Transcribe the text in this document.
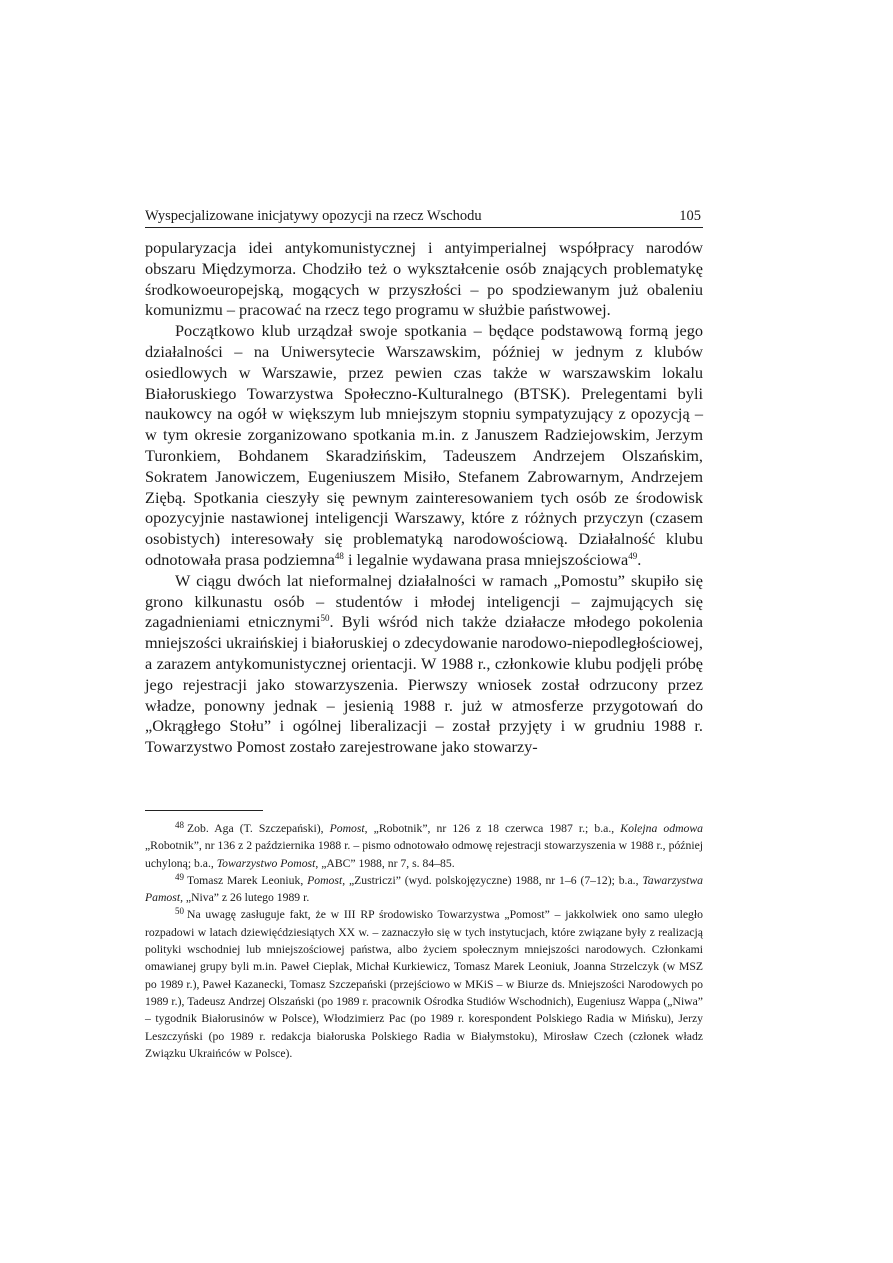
Wyspecjalizowane inicjatywy opozycji na rzecz Wschodu	105

popularyzacja idei antykomunistycznej i antyimperialnej współpracy narodów obszaru Międzymorza. Chodziło też o wykształcenie osób znających problematykę środkowoeuropejską, mogących w przyszłości – po spodziewanym już obaleniu komunizmu – pracować na rzecz tego programu w służbie państwowej.

Początkowo klub urządzał swoje spotkania – będące podstawową formą jego działalności – na Uniwersytecie Warszawskim, później w jednym z klubów osiedlowych w Warszawie, przez pewien czas także w warszawskim lokalu Białoruskiego Towarzystwa Społeczno-Kulturalnego (BTSK). Prelegentami byli naukowcy na ogół w większym lub mniejszym stopniu sympatyzujący z opozycją – w tym okresie zorganizowano spotkania m.in. z Januszem Radziejowskim, Jerzym Turonkiem, Bohdanem Skaradzińskim, Tadeuszem Andrzejem Olszańskim, Sokratem Janowiczem, Eugeniuszem Misiło, Stefanem Zabrowarnym, Andrzejem Ziębą. Spotkania cieszyły się pewnym zainteresowaniem tych osób ze środowisk opozycyjnie nastawionej inteligencji Warszawy, które z różnych przyczyn (czasem osobistych) interesowały się problematyką narodowościową. Działalność klubu odnotowała prasa podziemna$^{48}$ i legalnie wydawana prasa mniejszościowa$^{49}$.

W ciągu dwóch lat nieformalnej działalności w ramach „Pomostu” skupiło się grono kilkunastu osób – studentów i młodej inteligencji – zajmujących się zagadnieniami etnicznymi$^{50}$. Byli wśród nich także działacze młodego pokolenia mniejszości ukraińskiej i białoruskiej o zdecydowanie narodowo-niepodległościowej, a zarazem antykomunistycznej orientacji. W 1988 r., członkowie klubu podjęli próbę jego rejestracji jako stowarzyszenia. Pierwszy wniosek został odrzucony przez władze, ponowny jednak – jesienią 1988 r. już w atmosferze przygotowań do „Okrągłego Stołu” i ogólnej liberalizacji – został przyjęty i w grudniu 1988 r. Towarzystwo Pomost zostało zarejestrowane jako stowarzy-

$^{48}$ Zob. Aga (T. Szczepański), Pomost, „Robotnik”, nr 126 z 18 czerwca 1987 r.; b.a., Kolejna odmowa „Robotnik”, nr 136 z 2 października 1988 r. – pismo odnotowało odmowę rejestracji stowarzyszenia w 1988 r., później uchyloną; b.a., Towarzystwo Pomost, „ABC” 1988, nr 7, s. 84–85.

$^{49}$ Tomasz Marek Leoniuk, Pomost, „Zustriczi” (wyd. polskojęzyczne) 1988, nr 1–6 (7–12); b.a., Tawarzystwa Pamost, „Niva” z 26 lutego 1989 r.

$^{50}$ Na uwagę zasługuje fakt, że w III RP środowisko Towarzystwa „Pomost” – jakkolwiek ono samo uległo rozpadowi w latach dziewięćdziesiątych XX w. – zaznaczyło się w tych instytucjach, które związane były z realizacją polityki wschodniej lub mniejszościowej państwa, albo życiem społecznym mniejszości narodowych. Członkami omawianej grupy byli m.in. Paweł Cieplak, Michał Kurkiewicz, Tomasz Marek Leoniuk, Joanna Strzelczyk (w MSZ po 1989 r.), Paweł Kazanecki, Tomasz Szczepański (przejściowo w MKiS – w Biurze ds. Mniejszości Narodowych po 1989 r.), Tadeusz Andrzej Olszański (po 1989 r. pracownik Ośrodka Studiów Wschodnich), Eugeniusz Wappa („Niwa” – tygodnik Białorusinów w Polsce), Włodzimierz Pac (po 1989 r. korespondent Polskiego Radia w Mińsku), Jerzy Leszczyński (po 1989 r. redakcja białoruska Polskiego Radia w Białymstoku), Mirosław Czech (członek władz Związku Ukraińców w Polsce).
